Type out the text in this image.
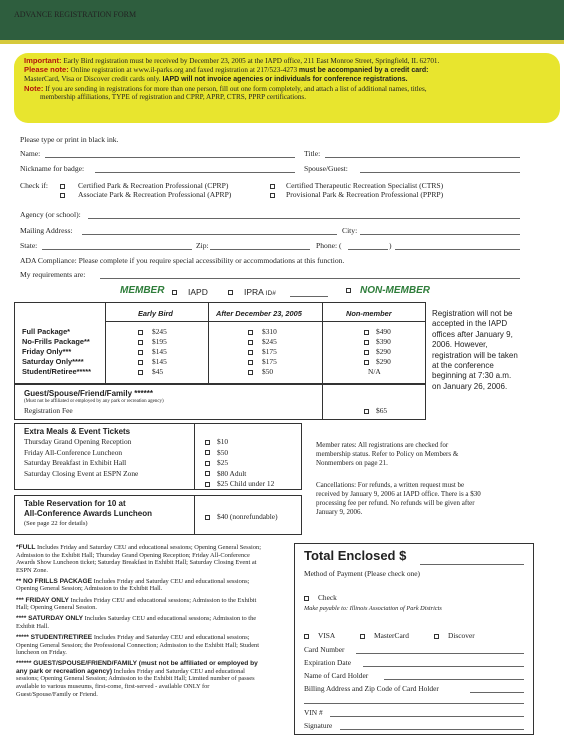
ADVANCE REGISTRATION FORM
Important: Early Bird registration must be received by December 23, 2005 at the IAPD office, 211 East Monroe Street, Springfield, IL 62701.
Please note: Online registration at www.il-parks.org and faxed registration at 217/523-4273 must be accompanied by a credit card:
MasterCard, Visa or Discover credit cards only. IAPD will not invoice agencies or individuals for conference registrations.
Note: If you are sending in registrations for more than one person, fill out one form completely, and attach a list of additional names, titles,
membership affiliations, TYPE of registration and CPRP, APRP, CTRS, PPRP certifications.
Please type or print in black ink.
Name:	Title:
Nickname for badge:	Spouse/Guest:
Check if:	Certified Park & Recreation Professional (CPRP)	Certified Therapeutic Recreation Specialist (CTRS)
Associate Park & Recreation Professional (APRP)	Provisional Park & Recreation Professional (PPRP)
Agency (or school):
Mailing Address:	City:
State:	Zip:	Phone: (	)
ADA Compliance: Please complete if you require special accessibility or accommodations at this function.
My requirements are:
MEMBER	IAPD	IPRA ID#	NON-MEMBER
Early Bird	After December 23, 2005	Non-member
Full Package*	$245	$310	$490
No-Frills Package**	$195	$245	$390
Friday Only***	$145	$175	$290
Saturday Only****	$145	$175	$290
Student/Retiree*****	$45	$50	N/A
Guest/Spouse/Friend/Family ******
(Must not be affiliated or employed by any park or recreation agency)
Registration Fee	$65
Registration will not be
accepted in the IAPD
offices after January 9,
2006. However,
registration will be taken
at the conference
beginning at 7:30 a.m.
on January 26, 2006.
Extra Meals & Event Tickets
Thursday Grand Opening Reception	$10
Friday All-Conference Luncheon	$50
Saturday Breakfast in Exhibit Hall	$25
Saturday Closing Event at ESPN Zone	$80 Adult
$25 Child under 12
Table Reservation for 10 at
All-Conference Awards Luncheon
(See page 22 for details)
$40 (nonrefundable)
Member rates: All registrations are checked for
membership status. Refer to Policy on Members &
Nonmembers on page 21.
Cancellations: For refunds, a written request must be
received by January 9, 2006 at IAPD office. There is a $30
processing fee per refund. No refunds will be given after
January 9, 2006.
*FULL Includes Friday and Saturday CEU and educational sessions; Opening General Session; Admission to the Exhibit Hall; Thursday Grand Opening Reception; Friday All-Conference Awards Show Luncheon ticket; Saturday Breakfast in Exhibit Hall; Saturday Closing Event at ESPN Zone.
** NO FRILLS PACKAGE Includes Friday and Saturday CEU and educational sessions; Opening General Session; Admission to the Exhibit Hall.
*** FRIDAY ONLY Includes Friday CEU and educational sessions; Admission to the Exhibit Hall; Opening General Session.
**** SATURDAY ONLY Includes Saturday CEU and educational sessions; Admission to the Exhibit Hall.
***** STUDENT/RETIREE Includes Friday and Saturday CEU and educational sessions; Opening General Session; the Professional Connection; Admission to the Exhibit Hall; Student luncheon on Friday.
****** GUEST/SPOUSE/FRIEND/FAMILY (must not be affiliated or employed by any park or recreation agency) Includes Friday and Saturday CEU and educational sessions; Opening General Session; Admission to the Exhibit Hall; Limited number of passes available to various museums, first-come, first-served - available ONLY for Guest/Spouse/Family or Friend.
Total Enclosed $
Method of Payment (Please check one)
Check
Make payable to: Illinois Association of Park Districts
VISA	MasterCard	Discover
Card Number
Expiration Date
Name of Card Holder
Billing Address and Zip Code of Card Holder
VIN #
Signature
